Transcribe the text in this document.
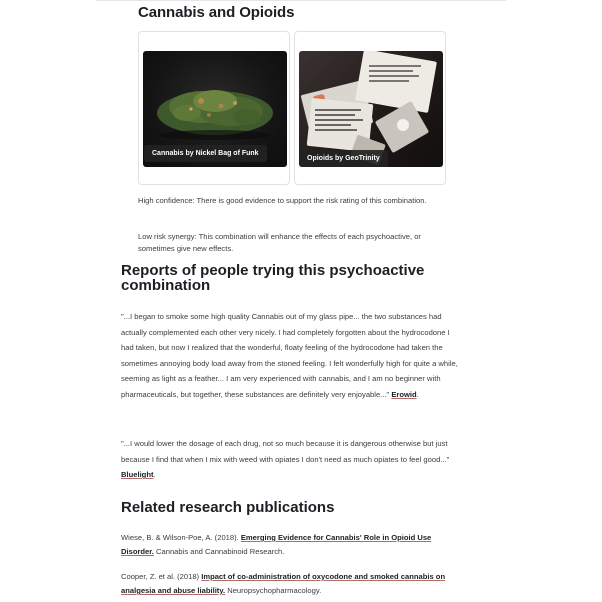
Cannabis and Opioids
Cannabis by Nickel Bag of Funk
Opioids by GeoTrinity
High confidence: There is good evidence to support the risk rating of this combination.
Low risk synergy: This combination will enhance the effects of each psychoactive, or sometimes give new effects.
Reports of people trying this psychoactive combination
"...I began to smoke some high quality Cannabis out of my glass pipe... the two substances had actually complemented each other very nicely. I had completely forgotten about the hydrocodone I had taken, but now I realized that the wonderful, floaty feeling of the hydrocodone had taken the sometimes annoying body load away from the stoned feeling. I felt wonderfully high for quite a while, seeming as light as a feather... I am very experienced with cannabis, and I am no beginner with pharmaceuticals, but together, these substances are definitely very enjoyable..." Erowid.
"...I would lower the dosage of each drug, not so much because it is dangerous otherwise but just because I find that when I mix with weed with opiates I don't need as much opiates to feel good..." Bluelight.
Related research publications
Wiese, B. & Wilson-Poe, A. (2018). Emerging Evidence for Cannabis' Role in Opioid Use Disorder. Cannabis and Cannabinoid Research.
Cooper, Z. et al. (2018) Impact of co-administration of oxycodone and smoked cannabis on analgesia and abuse liability. Neuropsychopharmacology.
